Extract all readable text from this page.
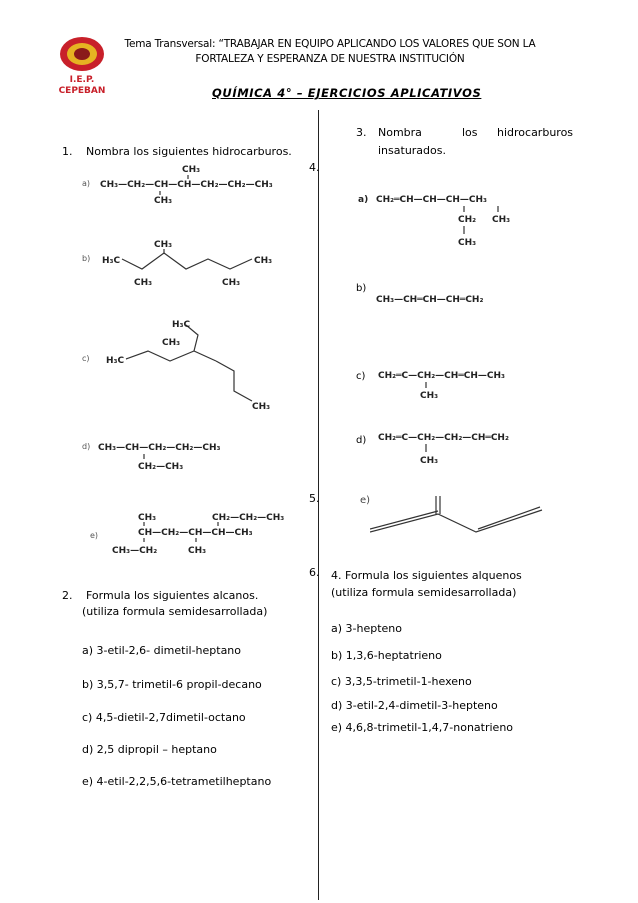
I.E.P.
CEPEBAN
Tema Transversal: “TRABAJAR EN EQUIPO APLICANDO LOS VALORES QUE SON LA
FORTALEZA Y ESPERANZA DE NUESTRA INSTITUCIÓN
QUÍMICA 4° – EJERCICIOS APLICATIVOS
1. Nombra los siguientes hidrocarburos.
a) CH₃—CH₂—CH—CH—CH₂—CH₂—CH₃
CH₃
CH₃
b) H₃C
CH₃
CH₃
CH₃
CH₃
c) H₃C
CH₃
H₃C
CH₃
d) CH₃—CH—CH₂—CH₂—CH₃
CH₂—CH₃
e)
CH₃	CH₂—CH₂—CH₃
CH—CH₂—CH—CH—CH₃
CH₃—CH₂	CH₃
2. Formula los siguientes alcanos.
(utiliza formula semidesarrollada)
a) 3-etil-2,6- dimetil-heptano
b) 3,5,7- trimetil-6 propil-decano
c) 4,5-dietil-2,7dimetil-octano
d) 2,5 dipropil – heptano
e) 4-etil-2,2,5,6-tetrametilheptano
3. Nombra	los hidrocarburos
insaturados.
4.
a) CH₂═CH—CH—CH—CH₃
CH₂ CH₃
CH₃
b)
CH₃—CH═CH—CH═CH₂
c) CH₂═C—CH₂—CH═CH—CH₃
CH₃
d) CH₂═C—CH₂—CH₂—CH═CH₂
CH₃
5.	e)
6. 4. Formula los siguientes alquenos
(utiliza formula semidesarrollada)
a) 3-hepteno
b) 1,3,6-heptatrieno
c) 3,3,5-trimetil-1-hexeno
d) 3-etil-2,4-dimetil-3-hepteno
e) 4,6,8-trimetil-1,4,7-nonatrieno
